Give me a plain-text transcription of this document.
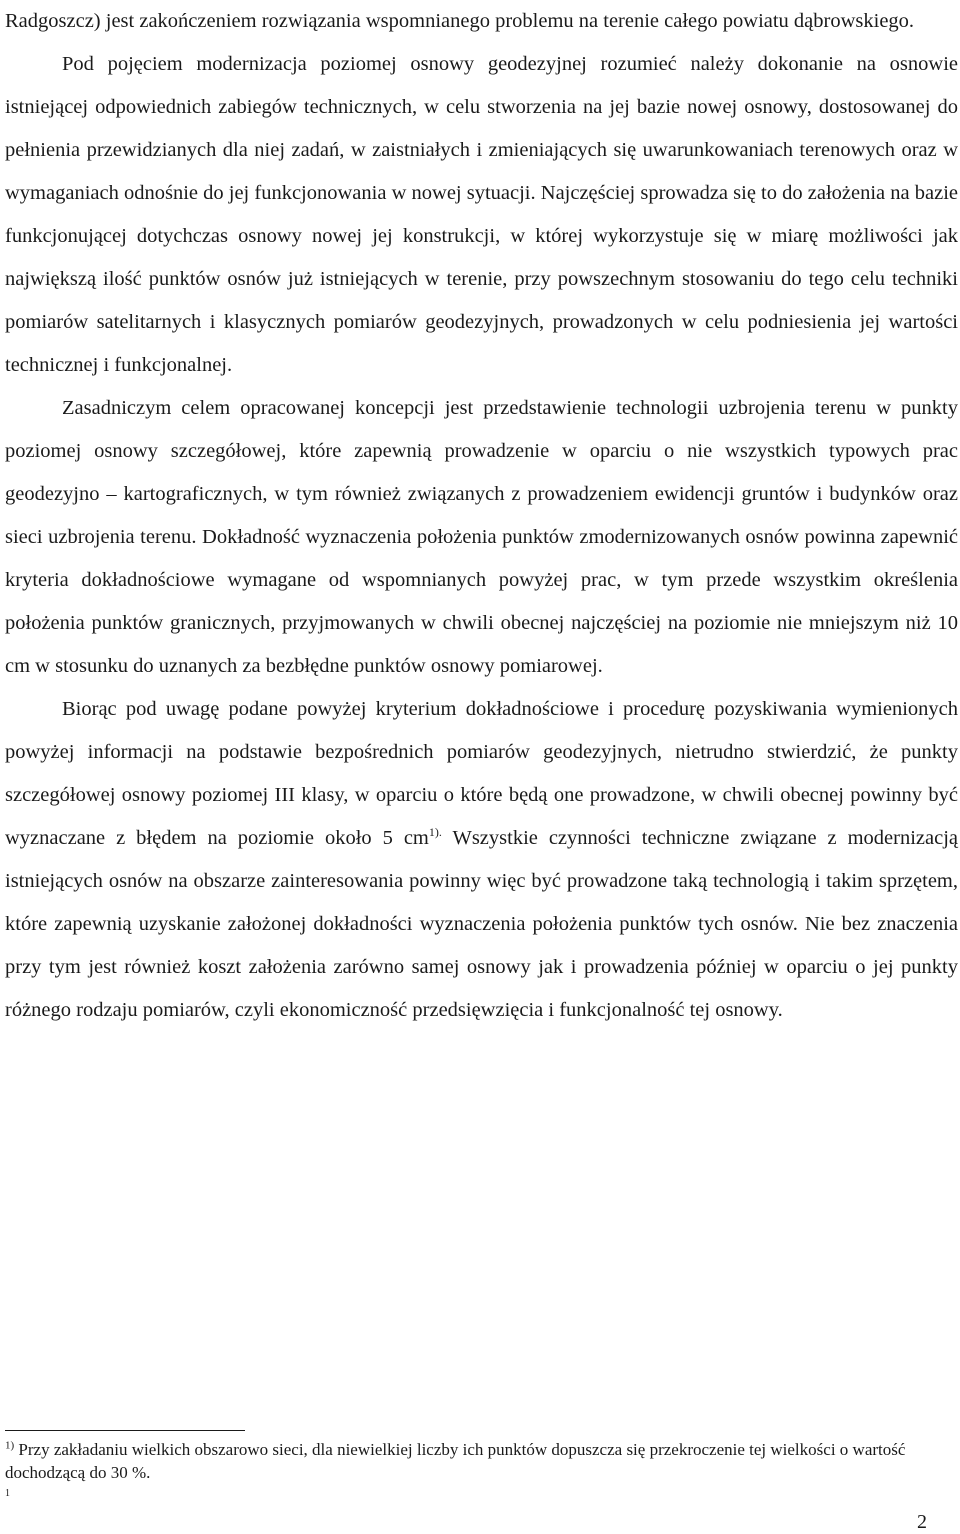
Radgoszcz) jest zakończeniem rozwiązania wspomnianego problemu na terenie całego powiatu dąbrowskiego.

Pod pojęciem modernizacja poziomej osnowy geodezyjnej rozumieć należy dokonanie na osnowie istniejącej odpowiednich zabiegów technicznych, w celu stworzenia na jej bazie nowej osnowy, dostosowanej do pełnienia przewidzianych dla niej zadań, w zaistniałych i zmieniających się uwarunkowaniach terenowych oraz w wymaganiach odnośnie do jej funkcjonowania w nowej sytuacji. Najczęściej sprowadza się to do założenia na bazie funkcjonującej dotychczas osnowy nowej jej konstrukcji, w której wykorzystuje się w miarę możliwości jak największą ilość punktów osnów już istniejących w terenie, przy powszechnym stosowaniu do tego celu techniki pomiarów satelitarnych i klasycznych pomiarów geodezyjnych, prowadzonych w celu podniesienia jej wartości technicznej i funkcjonalnej.

Zasadniczym celem opracowanej koncepcji jest przedstawienie technologii uzbrojenia terenu w punkty poziomej osnowy szczegółowej, które zapewnią prowadzenie w oparciu o nie wszystkich typowych prac geodezyjno – kartograficznych, w tym również związanych z prowadzeniem ewidencji gruntów i budynków oraz sieci uzbrojenia terenu. Dokładność wyznaczenia położenia punktów zmodernizowanych osnów powinna zapewnić kryteria dokładnościowe wymagane od wspomnianych powyżej prac, w tym przede wszystkim określenia położenia punktów granicznych, przyjmowanych w chwili obecnej najczęściej na poziomie nie mniejszym niż 10 cm w stosunku do uznanych za bezbłędne punktów osnowy pomiarowej.

Biorąc pod uwagę podane powyżej kryterium dokładnościowe i procedurę pozyskiwania wymienionych powyżej informacji na podstawie bezpośrednich pomiarów geodezyjnych, nietrudno stwierdzić, że punkty szczegółowej osnowy poziomej III klasy, w oparciu o które będą one prowadzone, w chwili obecnej powinny być wyznaczane z błędem na poziomie około 5 $cm^{1).}$ Wszystkie czynności techniczne związane z modernizacją istniejących osnów na obszarze zainteresowania powinny więc być prowadzone taką technologią i takim sprzętem, które zapewnią uzyskanie założonej dokładności wyznaczenia położenia punktów tych osnów. Nie bez znaczenia przy tym jest również koszt założenia zarówno samej osnowy jak i prowadzenia później w oparciu o jej punkty różnego rodzaju pomiarów, czyli ekonomiczność przedsięwzięcia i funkcjonalność tej osnowy.

$^{1)}$ Przy zakładaniu wielkich obszarowo sieci, dla niewielkiej liczby ich punktów dopuszcza się przekroczenie tej wielkości o wartość dochodzącą do 30 %.

1

2
